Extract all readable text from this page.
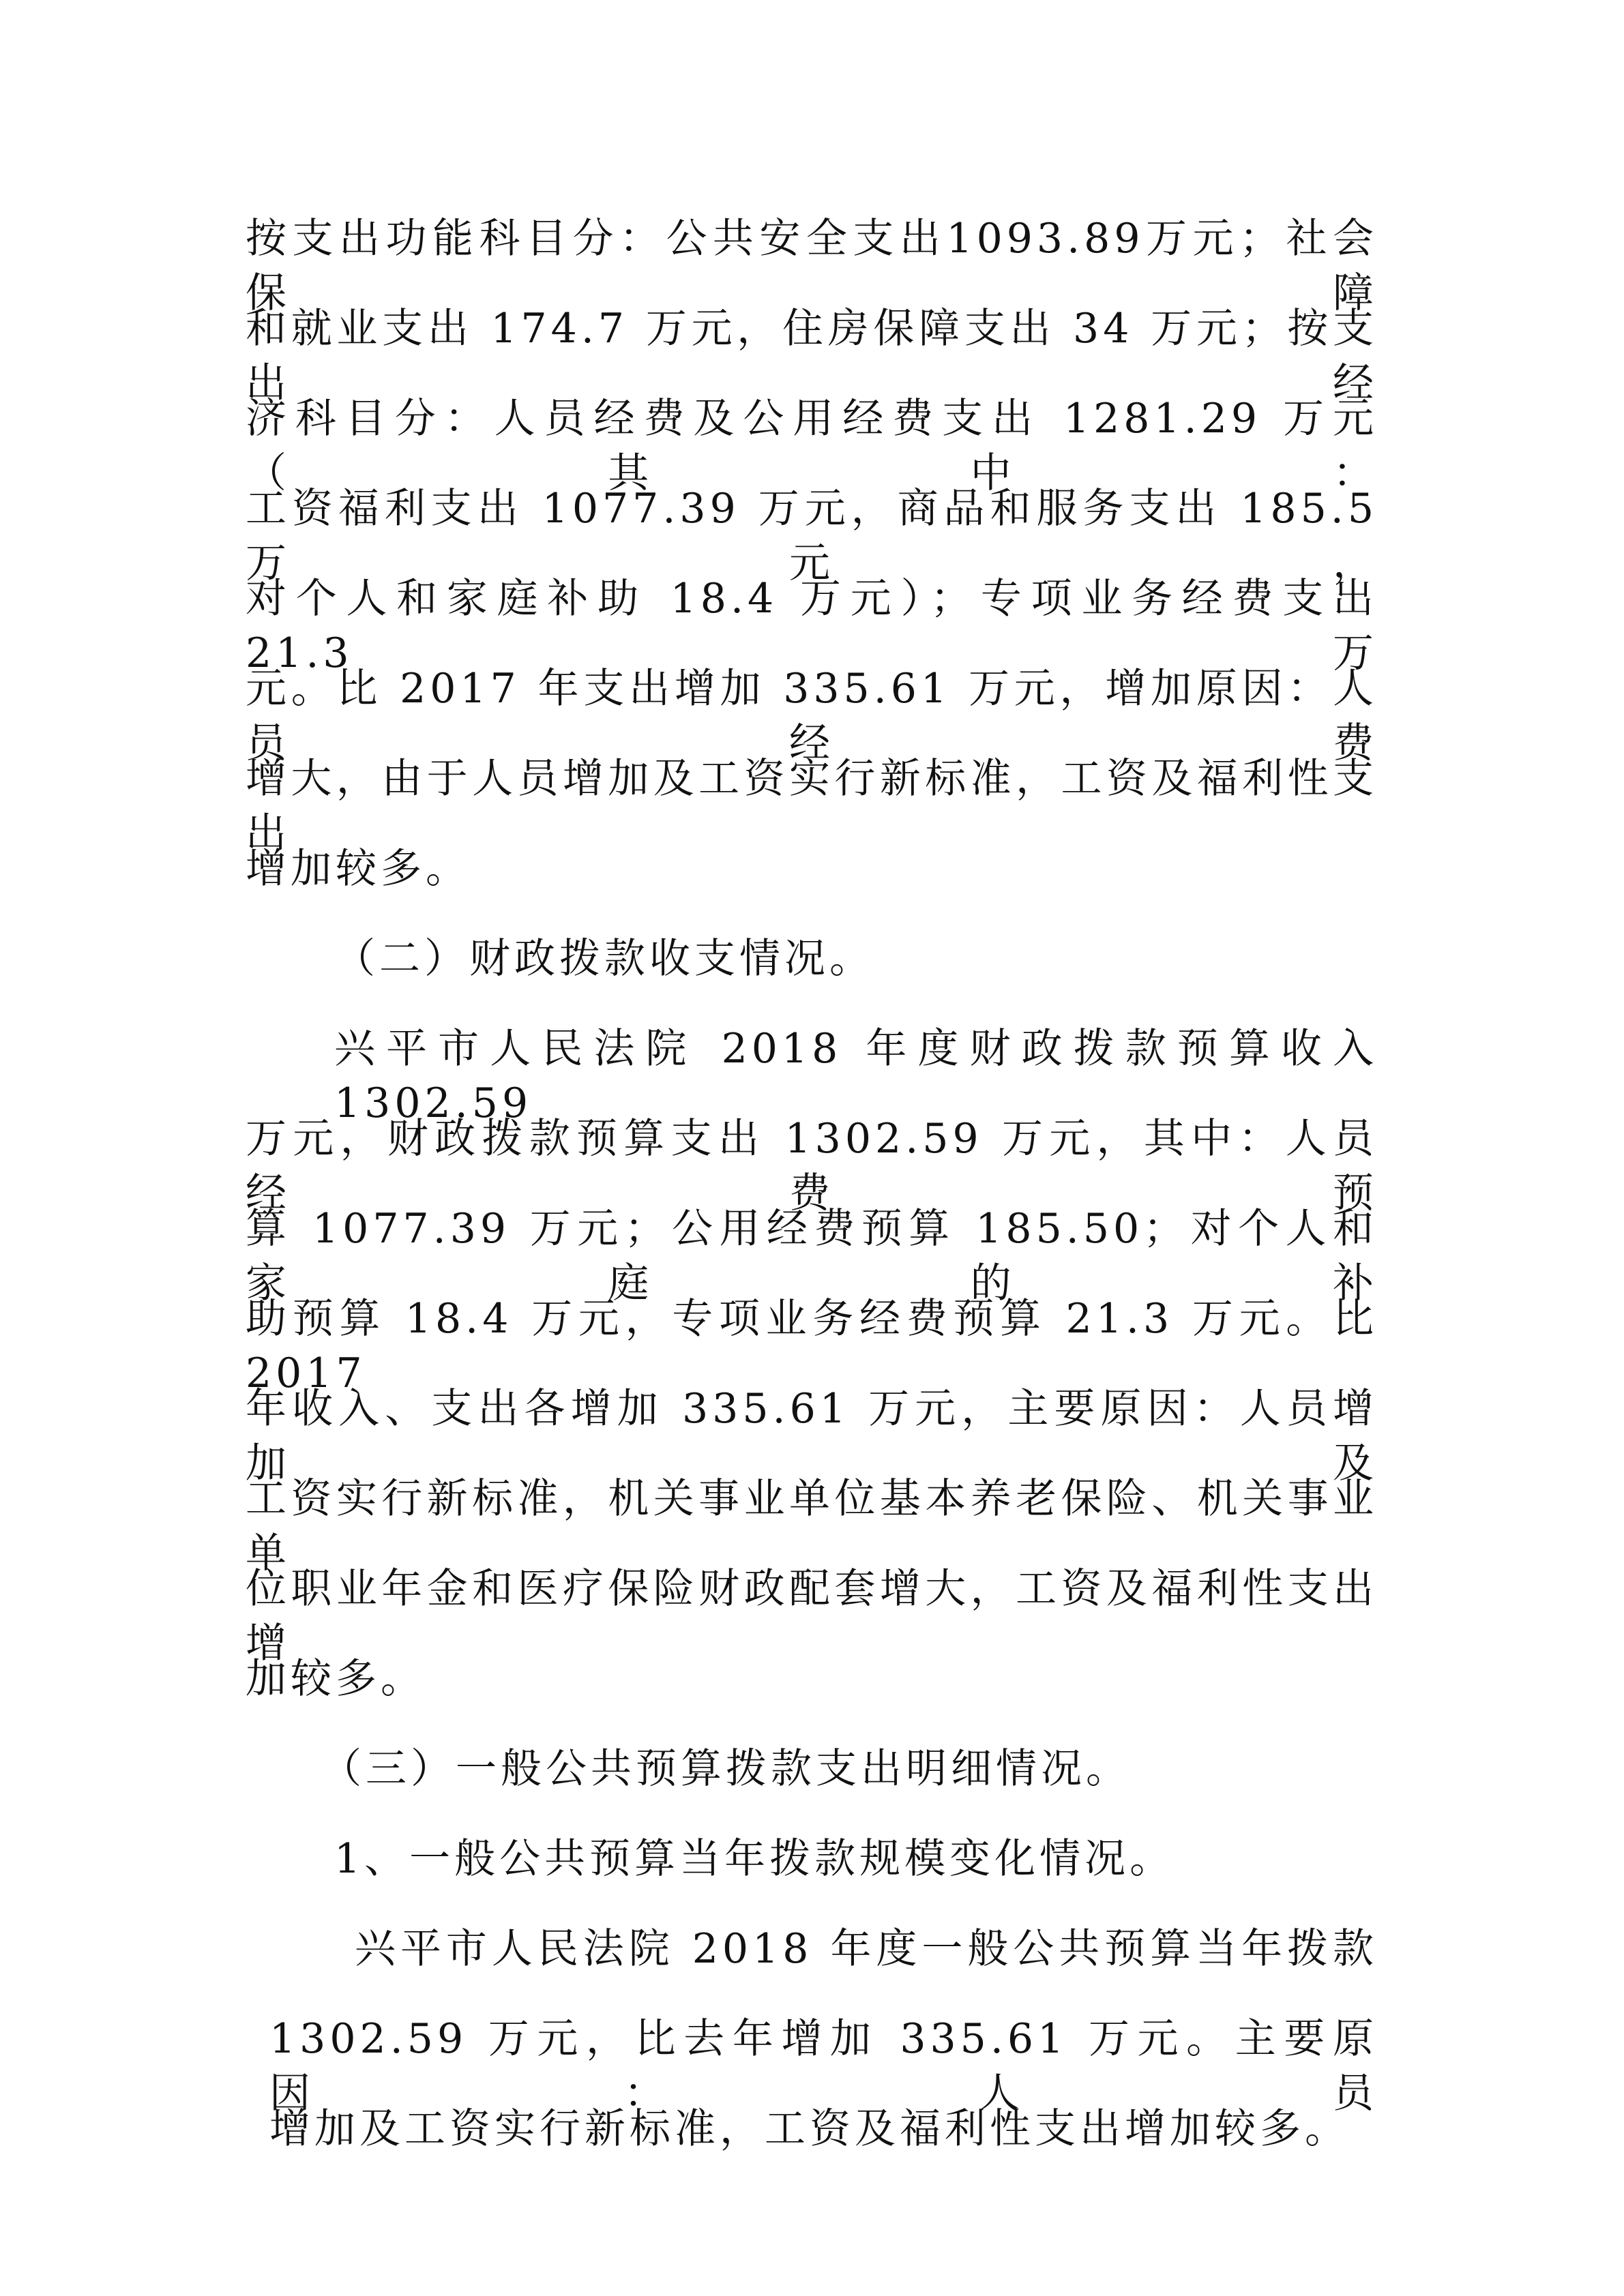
按支出功能科目分：公共安全支出1093.89万元；社会保障
和就业支出 174.7 万元，住房保障支出 34 万元；按支出经
济科目分：人员经费及公用经费支出 1281.29 万元（其中：
工资福利支出 1077.39 万元，商品和服务支出 185.5 万元，
对个人和家庭补助 18.4 万元）；专项业务经费支出 21.3 万
元。比 2017 年支出增加 335.61 万元，增加原因：人员经费
增大，由于人员增加及工资实行新标准，工资及福利性支出
增加较多。
（二）财政拨款收支情况。
兴平市人民法院 2018 年度财政拨款预算收入 1302.59
万元，财政拨款预算支出 1302.59 万元，其中：人员经费预
算 1077.39 万元；公用经费预算 185.50；对个人和家庭的补
助预算 18.4 万元，专项业务经费预算 21.3 万元。比 2017
年收入、支出各增加 335.61 万元，主要原因：人员增加及
工资实行新标准，机关事业单位基本养老保险、机关事业单
位职业年金和医疗保险财政配套增大，工资及福利性支出增
加较多。
（三）一般公共预算拨款支出明细情况。
1、一般公共预算当年拨款规模变化情况。
兴平市人民法院 2018 年度一般公共预算当年拨款
1302.59 万元，比去年增加 335.61 万元。主要原因：人员
增加及工资实行新标准，工资及福利性支出增加较多。
